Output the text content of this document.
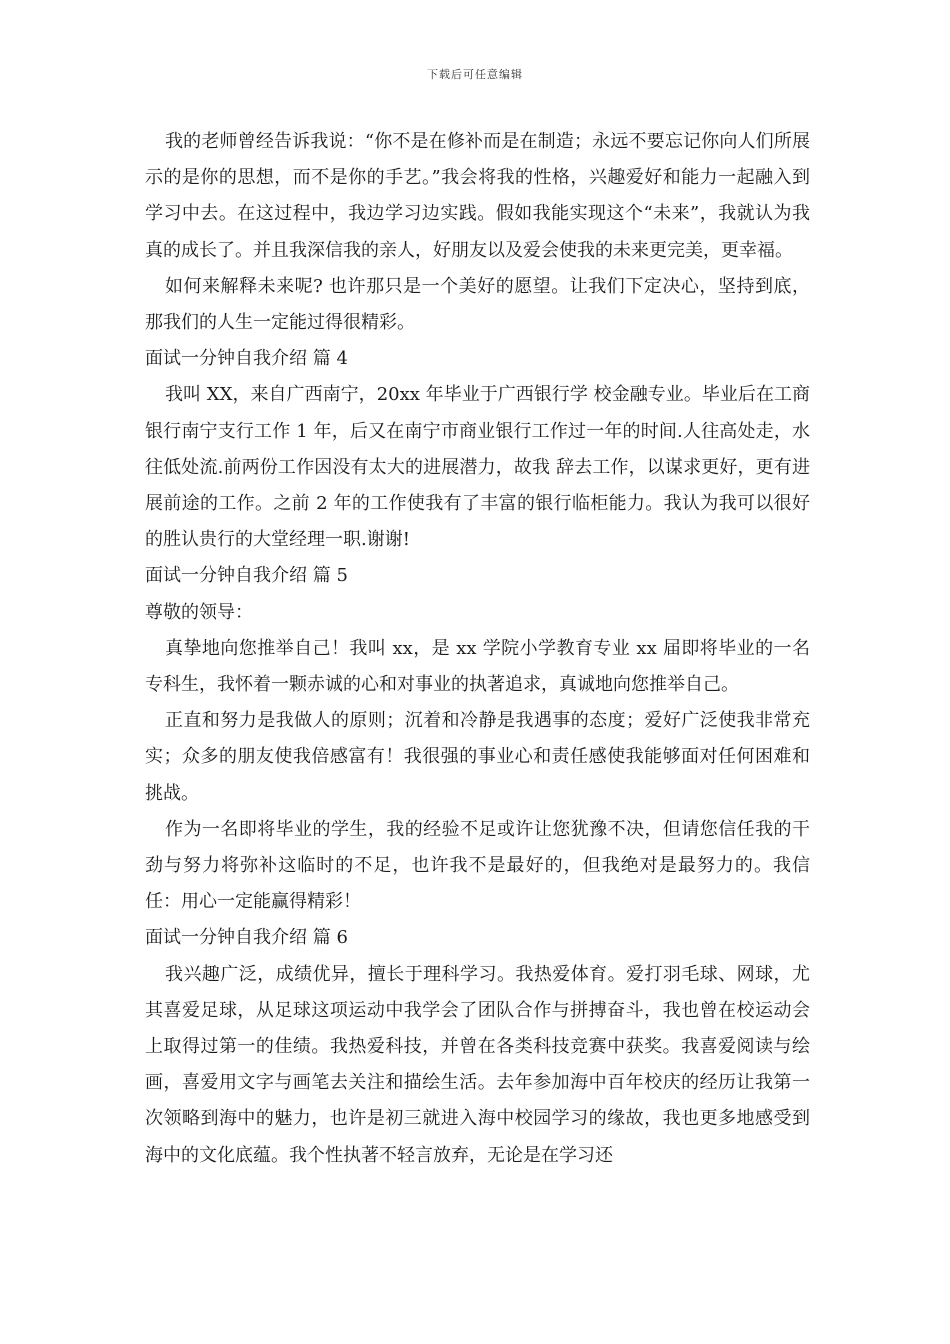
下载后可任意编辑

我的老师曾经告诉我说：“你不是在修补而是在制造；永远不要忘记你向人们所展示的是你的思想，而不是你的手艺。”我会将我的性格，兴趣爱好和能力一起融入到学习中去。在这过程中，我边学习边实践。假如我能实现这个“未来”，我就认为我真的成长了。并且我深信我的亲人，好朋友以及爱会使我的未来更完美，更幸福。

如何来解释未来呢? 也许那只是一个美好的愿望。让我们下定决心，坚持到底，那我们的人生一定能过得很精彩。

面试一分钟自我介绍 篇 4

我叫 XX，来自广西南宁，20xx 年毕业于广西银行学 校金融专业。毕业后在工商银行南宁支行工作 1 年，后又在南宁市商业银行工作过一年的时间.人往高处走，水往低处流.前两份工作因没有太大的进展潜力，故我 辞去工作，以谋求更好，更有进展前途的工作。之前 2 年的工作使我有了丰富的银行临柜能力。我认为我可以很好的胜认贵行的大堂经理一职.谢谢!

面试一分钟自我介绍 篇 5

尊敬的领导：

真挚地向您推举自己！我叫 xx，是 xx 学院小学教育专业 xx 届即将毕业的一名专科生，我怀着一颗赤诚的心和对事业的执著追求，真诚地向您推举自己。

正直和努力是我做人的原则；沉着和冷静是我遇事的态度；爱好广泛使我非常充实；众多的朋友使我倍感富有！我很强的事业心和责任感使我能够面对任何困难和挑战。

作为一名即将毕业的学生，我的经验不足或许让您犹豫不决，但请您信任我的干劲与努力将弥补这临时的不足，也许我不是最好的，但我绝对是最努力的。我信任：用心一定能赢得精彩！

面试一分钟自我介绍 篇 6

我兴趣广泛，成绩优异，擅长于理科学习。我热爱体育。爱打羽毛球、网球，尤其喜爱足球，从足球这项运动中我学会了团队合作与拼搏奋斗，我也曾在校运动会上取得过第一的佳绩。我热爱科技，并曾在各类科技竞赛中获奖。我喜爱阅读与绘画，喜爱用文字与画笔去关注和描绘生活。去年参加海中百年校庆的经历让我第一次领略到海中的魅力，也许是初三就进入海中校园学习的缘故，我也更多地感受到海中的文化底蕴。我个性执著不轻言放弃，无论是在学习还
